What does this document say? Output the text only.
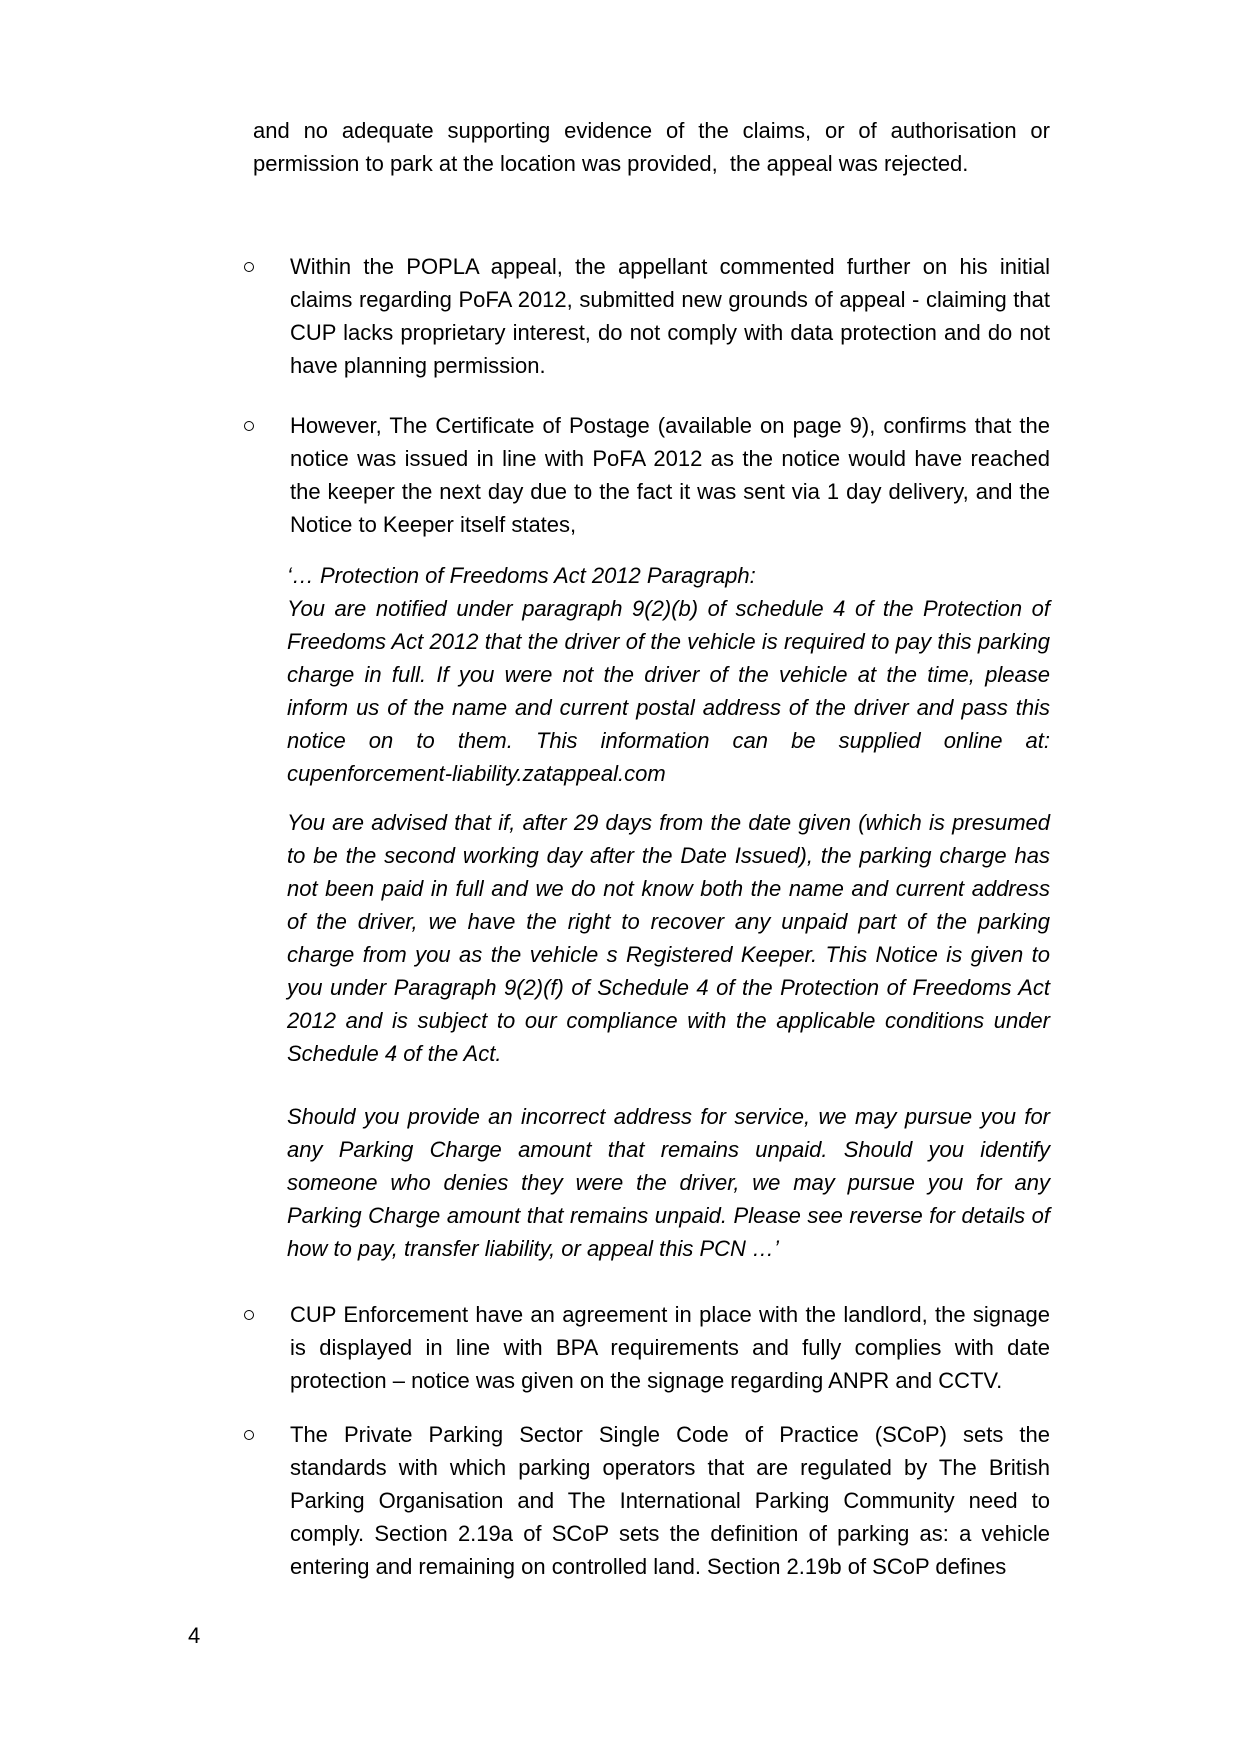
and no adequate supporting evidence of the claims, or of authorisation or permission to park at the location was provided,  the appeal was rejected.
Within the POPLA appeal, the appellant commented further on his initial claims regarding PoFA 2012, submitted new grounds of appeal - claiming that CUP lacks proprietary interest, do not comply with data protection and do not have planning permission.
However, The Certificate of Postage (available on page 9), confirms that the notice was issued in line with PoFA 2012 as the notice would have reached the keeper the next day due to the fact it was sent via 1 day delivery, and the Notice to Keeper itself states,
‘… Protection of Freedoms Act 2012 Paragraph:
You are notified under paragraph 9(2)(b) of schedule 4 of the Protection of Freedoms Act 2012 that the driver of the vehicle is required to pay this parking charge in full. If you were not the driver of the vehicle at the time, please inform us of the name and current postal address of the driver and pass this notice on to them. This information can be supplied online at: cupenforcement-liability.zatappeal.com
You are advised that if, after 29 days from the date given (which is presumed to be the second working day after the Date Issued), the parking charge has not been paid in full and we do not know both the name and current address of the driver, we have the right to recover any unpaid part of the parking charge from you as the vehicle s Registered Keeper. This Notice is given to you under Paragraph 9(2)(f) of Schedule 4 of the Protection of Freedoms Act 2012 and is subject to our compliance with the applicable conditions under Schedule 4 of the Act.
Should you provide an incorrect address for service, we may pursue you for any Parking Charge amount that remains unpaid. Should you identify someone who denies they were the driver, we may pursue you for any Parking Charge amount that remains unpaid. Please see reverse for details of how to pay, transfer liability, or appeal this PCN …’
CUP Enforcement have an agreement in place with the landlord, the signage is displayed in line with BPA requirements and fully complies with date protection – notice was given on the signage regarding ANPR and CCTV.
The Private Parking Sector Single Code of Practice (SCoP) sets the standards with which parking operators that are regulated by The British Parking Organisation and The International Parking Community need to comply. Section 2.19a of SCoP sets the definition of parking as: a vehicle entering and remaining on controlled land. Section 2.19b of SCoP defines
4
